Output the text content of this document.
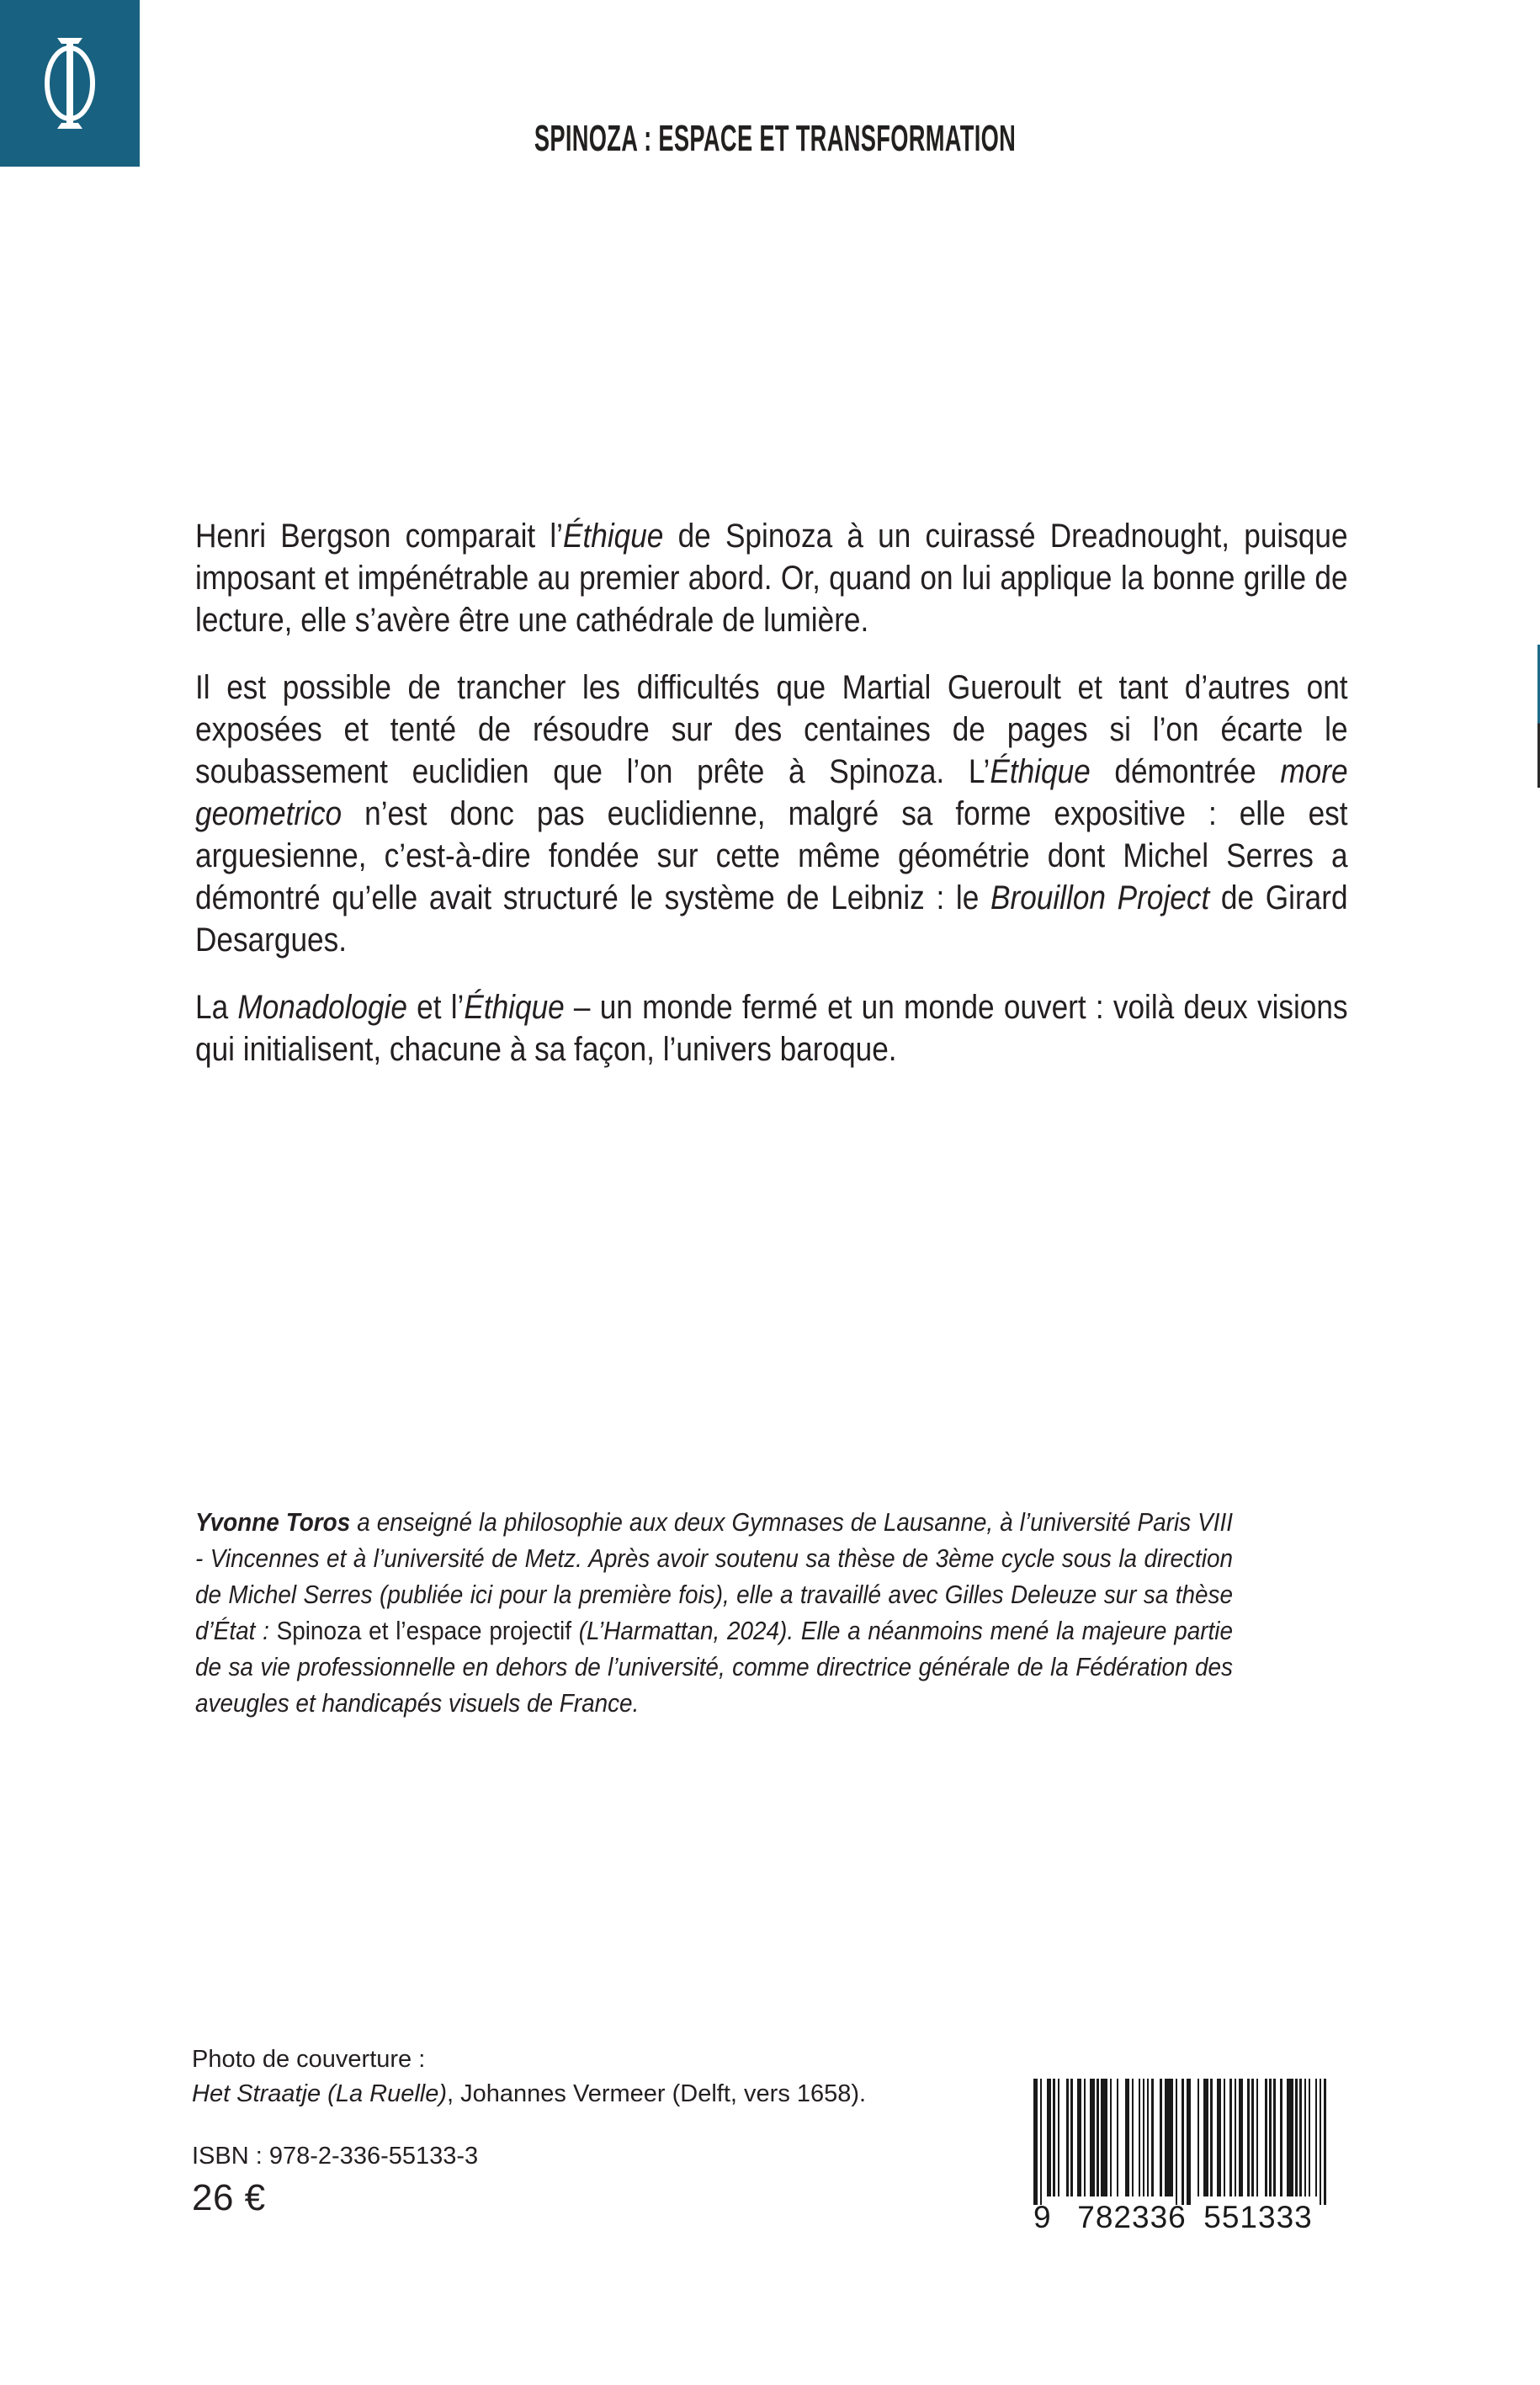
SPINOZA : ESPACE ET TRANSFORMATION

Henri Bergson comparait l’Éthique de Spinoza à un cuirassé Dreadnought, puisque imposant et impénétrable au premier abord. Or, quand on lui applique la bonne grille de lecture, elle s’avère être une cathédrale de lumière.

Il est possible de trancher les difficultés que Martial Gueroult et tant d’autres ont exposées et tenté de résoudre sur des centaines de pages si l’on écarte le soubassement euclidien que l’on prête à Spinoza. L’Éthique démontrée more geometrico n’est donc pas euclidienne, malgré sa forme expositive : elle est arguesienne, c’est-à-dire fondée sur cette même géométrie dont Michel Serres a démontré qu’elle avait structuré le système de Leibniz : le Brouillon Project de Girard Desargues.

La Monadologie et l’Éthique – un monde fermé et un monde ouvert : voilà deux visions qui initialisent, chacune à sa façon, l’univers baroque.

Yvonne Toros a enseigné la philosophie aux deux Gymnases de Lausanne, à l’université Paris VIII - Vincennes et à l’université de Metz. Après avoir soutenu sa thèse de 3ème cycle sous la direction de Michel Serres (publiée ici pour la première fois), elle a travaillé avec Gilles Deleuze sur sa thèse d’État : Spinoza et l’espace projectif (L’Harmattan, 2024). Elle a néanmoins mené la majeure partie de sa vie professionnelle en dehors de l’université, comme directrice générale de la Fédération des aveugles et handicapés visuels de France.
Photo de couverture :
Het Straatje (La Ruelle), Johannes Vermeer (Delft, vers 1658).
ISBN : 978-2-336-55133-3
26 €	9 782336 551333
